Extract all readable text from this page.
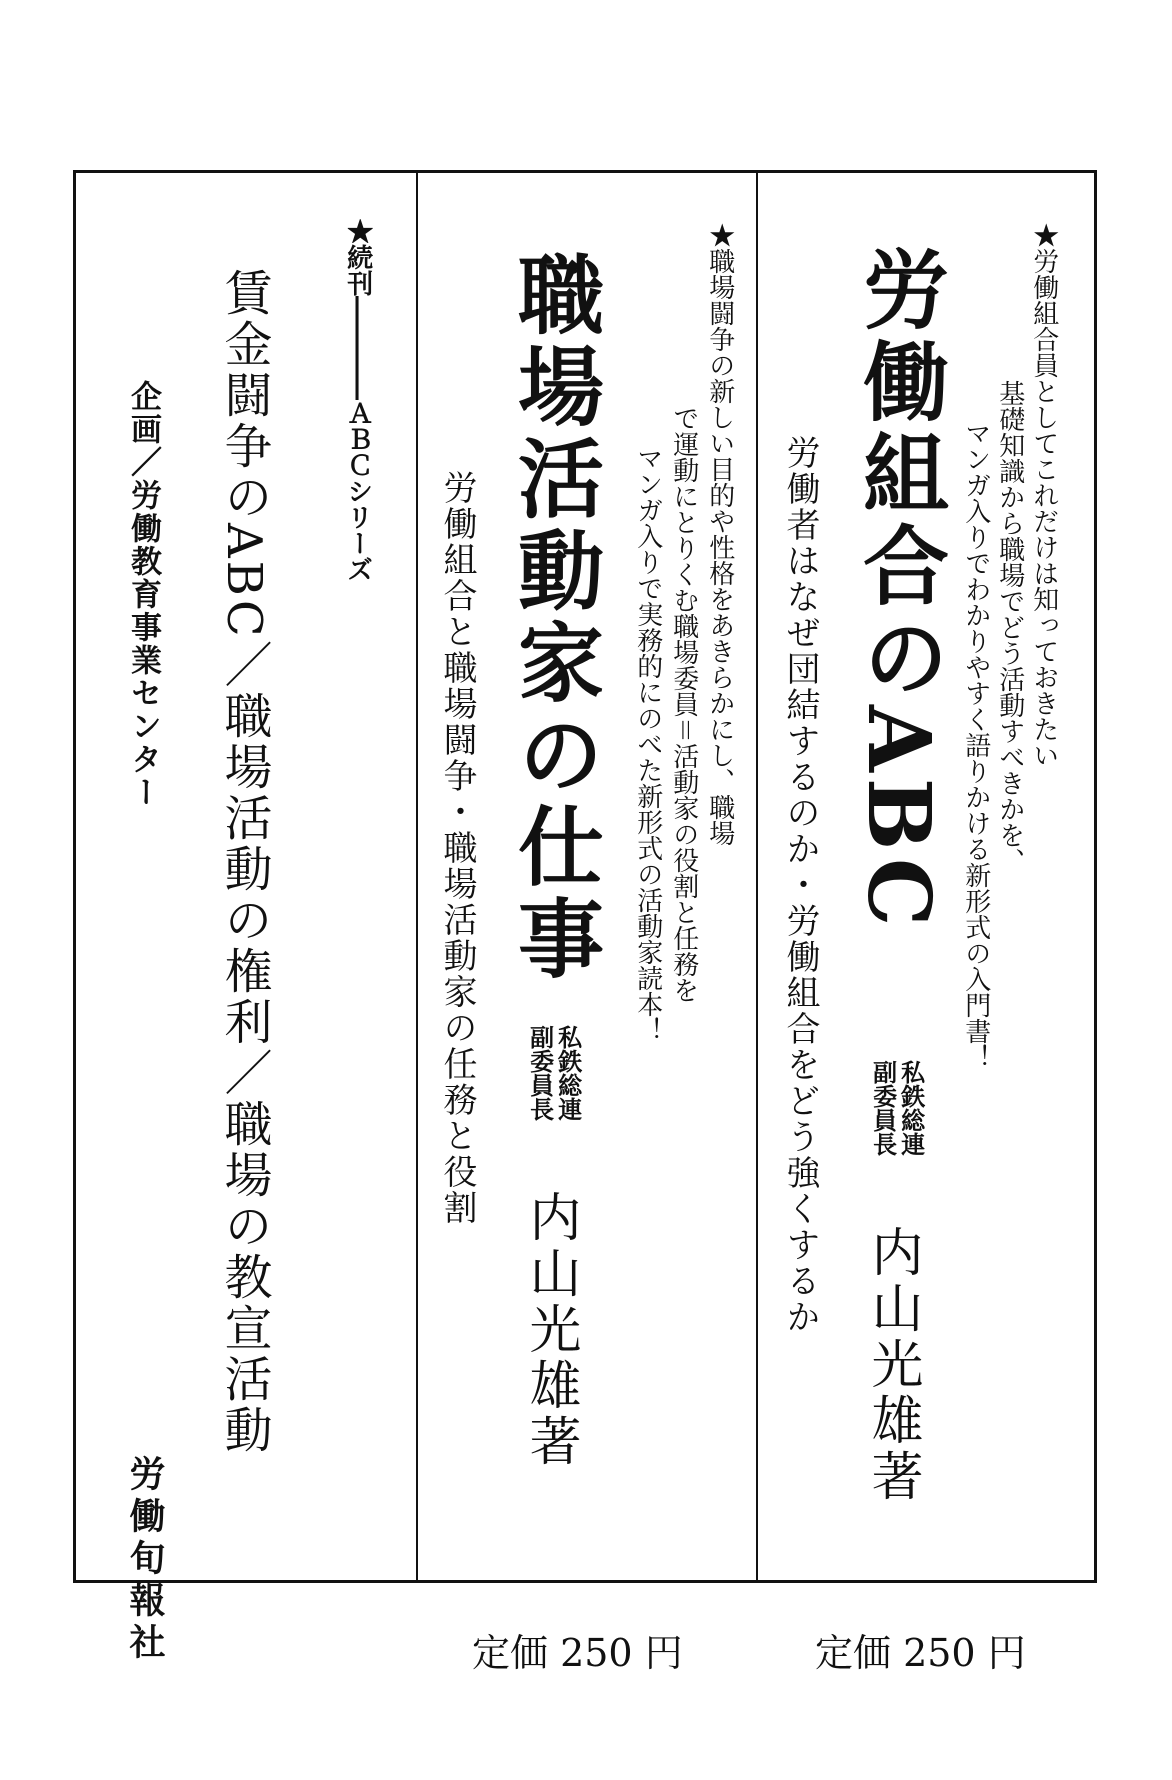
★労働組合員としてこれだけは知っておきたい
基礎知識から職場でどう活動すべきかを、
マンガ入りでわかりやすく語りかける新形式の入門書！
労働組合のABC
労働者はなぜ団結するのか・労働組合をどう強くするか	私鉄総連
副委員長
内山光雄著
定価 250 円
★職場闘争の新しい目的や性格をあきらかにし、職場
で運動にとりくむ職場委員＝活動家の役割と任務を
マンガ入りで実務的にのべた新形式の活動家読本！
職場活動家の仕事
労働組合と職場闘争・職場活動家の任務と役割	私鉄総連
副委員長
内山光雄著
定価 250 円
★続刊――――ＡＢＣシリーズ
賃金闘争のABC／職場活動の権利／職場の教宣活動
企画／労働教育事業センター
労働旬報社
